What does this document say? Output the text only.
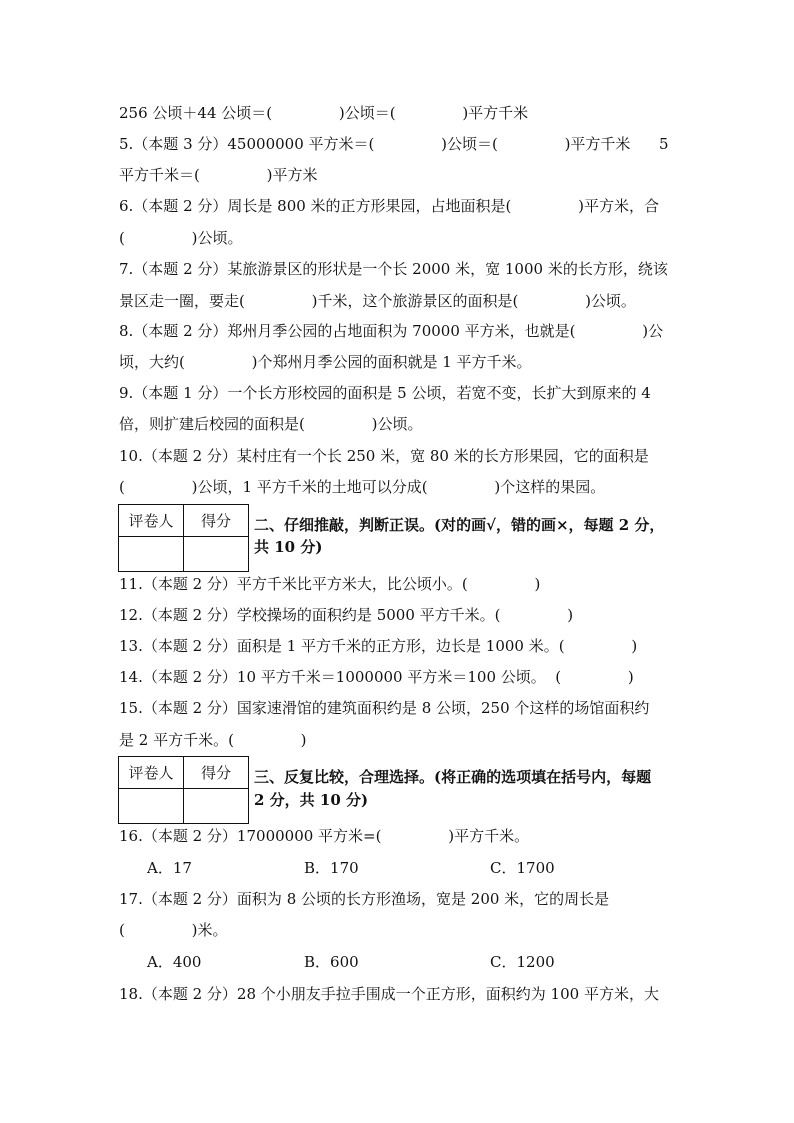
256 公顷＋44 公顷＝(              )公顷＝(              )平方千米
5.（本题 3 分）45000000 平方米＝(              )公顷＝(              )平方千米      5
平方千米＝(              )平方米
6.（本题 2 分）周长是 800 米的正方形果园，占地面积是(              )平方米，合
(              )公顷。
7.（本题 2 分）某旅游景区的形状是一个长 2000 米，宽 1000 米的长方形，绕该
景区走一圈，要走(              )千米，这个旅游景区的面积是(              )公顷。
8.（本题 2 分）郑州月季公园的占地面积为 70000 平方米，也就是(              )公
顷，大约(              )个郑州月季公园的面积就是 1 平方千米。
9.（本题 1 分）一个长方形校园的面积是 5 公顷，若宽不变，长扩大到原来的 4
倍，则扩建后校园的面积是(              )公顷。
10.（本题 2 分）某村庄有一个长 250 米，宽 80 米的长方形果园，它的面积是
(              )公顷，1 平方千米的土地可以分成(              )个这样的果园。
评卷人	得分
	二、仔细推敲，判断正误。(对的画√，错的画×，每题 2 分，
共 10 分)
11.（本题 2 分）平方千米比平方米大，比公顷小。(              )
12.（本题 2 分）学校操场的面积约是 5000 平方千米。(              )
13.（本题 2 分）面积是 1 平方千米的正方形，边长是 1000 米。(              )
14.（本题 2 分）10 平方千米＝1000000 平方米＝100 公顷。  (              )
15.（本题 2 分）国家速滑馆的建筑面积约是 8 公顷，250 个这样的场馆面积约
是 2 平方千米。(              )
评卷人	得分
	三、反复比较，合理选择。(将正确的选项填在括号内，每题
2 分，共 10 分)
16.（本题 2 分）17000000 平方米=(              )平方千米。
A．17	B．170	C．1700
17.（本题 2 分）面积为 8 公顷的长方形渔场，宽是 200 米，它的周长是
(              )米。
A．400	B．600	C．1200
18.（本题 2 分）28 个小朋友手拉手围成一个正方形，面积约为 100 平方米，大
